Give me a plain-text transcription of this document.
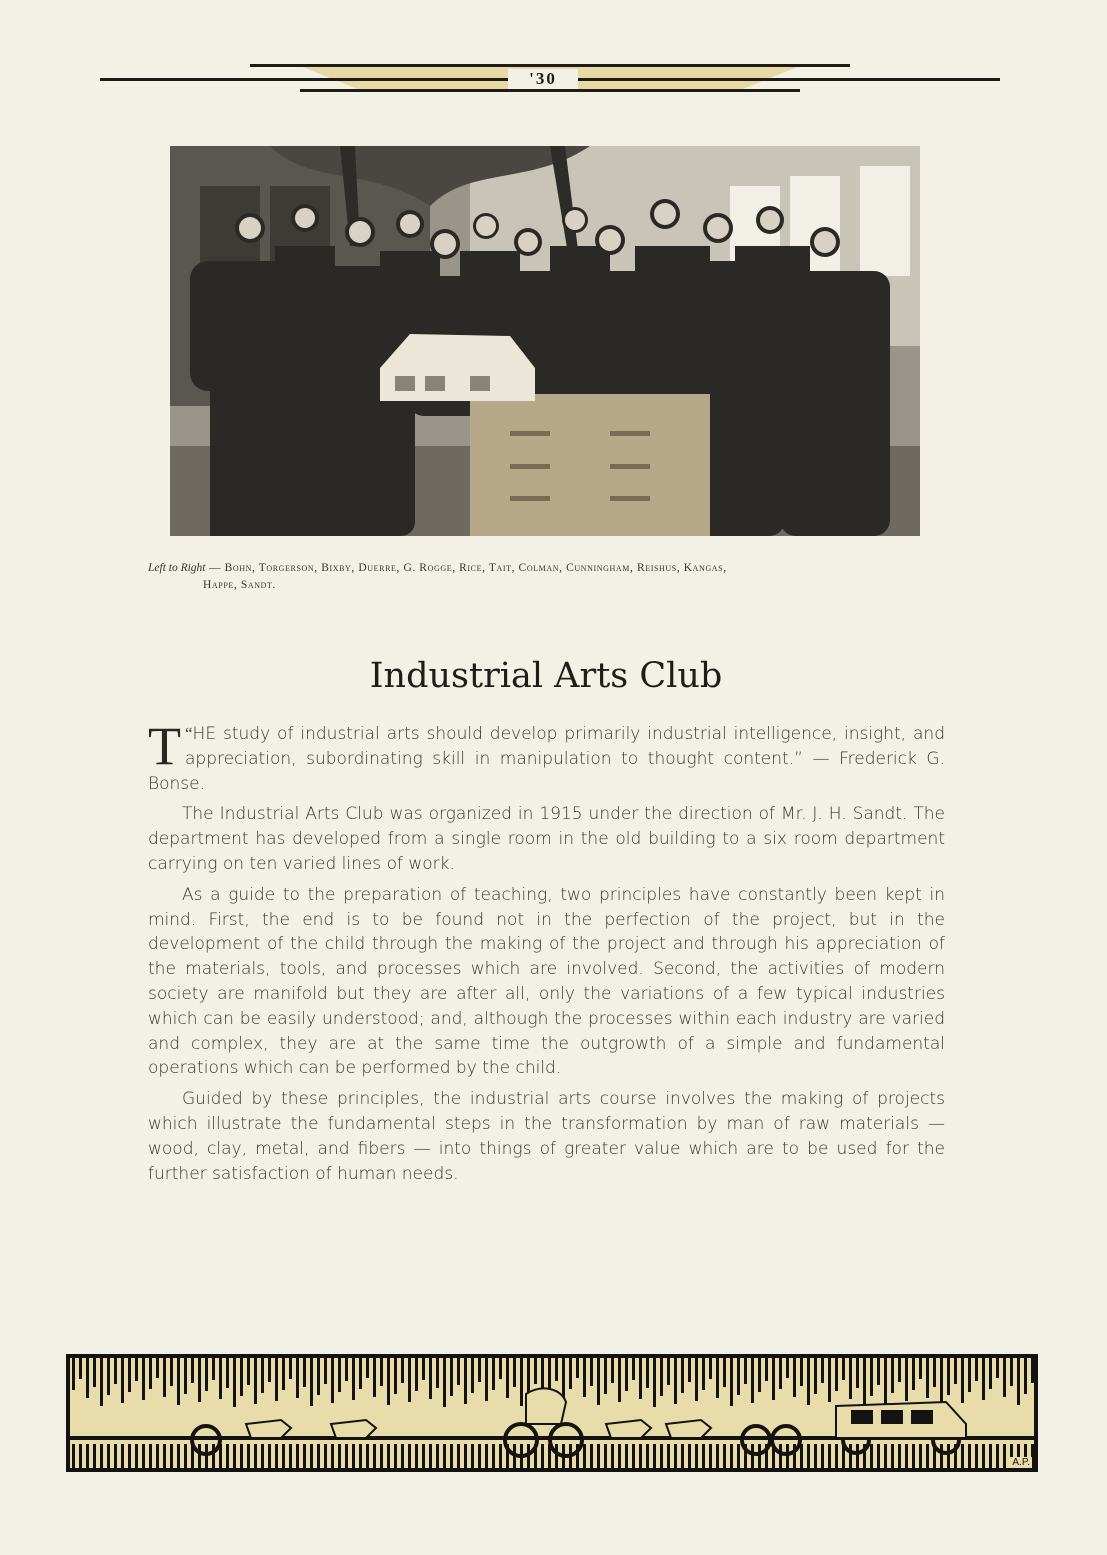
'30
Left to Right — Bohn, Torgerson, Bixby, Duerre, G. Rogge, Rice, Tait, Colman, Cunningham, Reishus, Kangas,
Happe, Sandt.
Industrial Arts Club

“
T HE study of industrial arts should develop primarily industrial intelligence, insight, and appreciation, subordinating skill in manipulation to thought content.” — Frederick G. Bonse.

The Industrial Arts Club was organized in 1915 under the direction of Mr. J. H. Sandt. The department has developed from a single room in the old building to a six room department carrying on ten varied lines of work.

As a guide to the preparation of teaching, two principles have constantly been kept in mind. First, the end is to be found not in the perfection of the project, but in the development of the child through the making of the project and through his appreciation of the materials, tools, and processes which are involved. Second, the activities of modern society are manifold but they are after all, only the variations of a few typical industries which can be easily understood; and, although the processes within each industry are varied and complex, they are at the same time the outgrowth of a simple and fundamental operations which can be performed by the child.

Guided by these principles, the industrial arts course involves the making of projects which illustrate the fundamental steps in the transformation by man of raw materials — wood, clay, metal, and fibers — into things of greater value which are to be used for the further satisfaction of human needs.

A.P.
